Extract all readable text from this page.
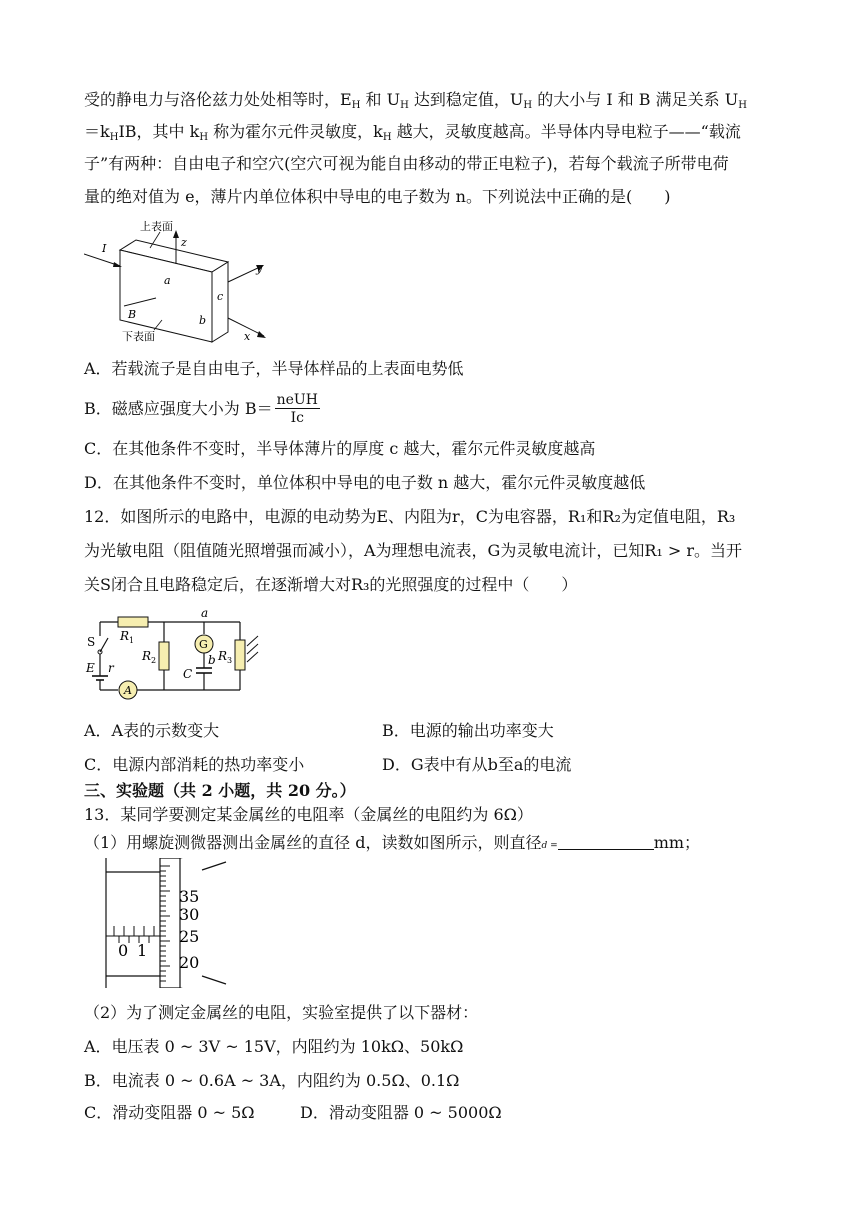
受的静电力与洛伦兹力处处相等时，$E_H$ 和 $U_H$ 达到稳定值，$U_H$ 的大小与 I 和 B 满足关系 $U_H$
$=k_HIB$，其中 $k_H$ 称为霍尔元件灵敏度，$k_H$ 越大，灵敏度越高。半导体内导电粒子——“载流
子”有两种：自由电子和空穴(空穴可视为能自由移动的带正电粒子)，若每个载流子所带电荷
量的绝对值为 e，薄片内单位体积中导电的电子数为 n。下列说法中正确的是(　　)
I	z
上表面
y
x
B
a
b
c
下表面
A．若载流子是自由电子，半导体样品的上表面电势低
B．磁感应强度大小为 $B= \frac{\text{neUH}}{Ic}$
C．在其他条件不变时，半导体薄片的厚度 c 越大，霍尔元件灵敏度越高
D．在其他条件不变时，单位体积中导电的电子数 n 越大，霍尔元件灵敏度越低
12．如图所示的电路中，电源的电动势为E、内阻为r，C为电容器，R₁和R₂为定值电阻，R₃
为光敏电阻（阻值随光照增强而减小），A为理想电流表，G为灵敏电流计，已知R₁ > r。当开
关S闭合且电路稳定后，在逐渐增大对R₃的光照强度的过程中（　　）
R 1
a
S
E r
A
R 2
G
b
C
R 3
A．A表的示数变大	B．电源的输出功率变大
C．电源内部消耗的热功率变小	D．G表中有从b至a的电流
三、实验题（共 2 小题，共 20 分。）
13．某同学要测定某金属丝的电阻率（金属丝的电阻约为 6Ω）
（1）用螺旋测微器测出金属丝的直径 d，读数如图所示，则直径d =	mm；
0 1
35
30
25
20
（2）为了测定金属丝的电阻，实验室提供了以下器材：
A．电压表 0 ~ 3V ~ 15V，内阻约为 10kΩ、50kΩ
B．电流表 0 ~ 0.6A ~ 3A，内阻约为 0.5Ω、0.1Ω
C．滑动变阻器 0 ~ 5Ω	D．滑动变阻器 0 ~ 5000Ω
